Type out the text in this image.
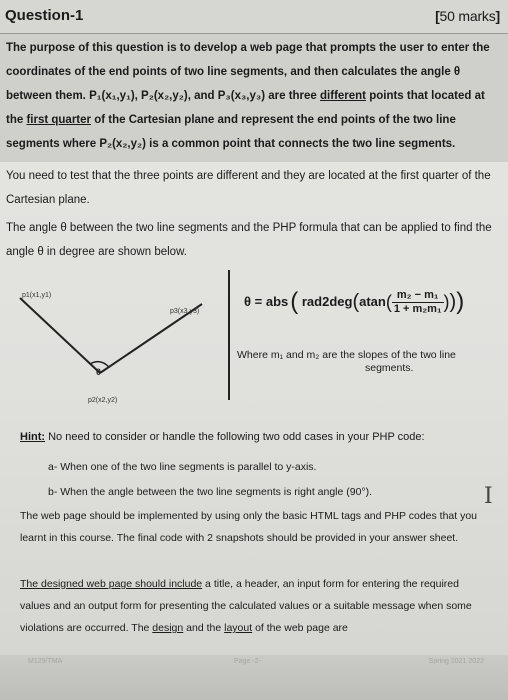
Question-1	[50 marks]

The purpose of this question is to develop a web page that prompts the user to enter the coordinates of the end points of two line segments, and then calculates the angle θ between them. P₁(x₁,y₁), P₂(x₂,y₂), and P₃(x₃,y₃) are three different points that located at the first quarter of the Cartesian plane and represent the end points of the two line segments where P₂(x₂,y₂) is a common point that connects the two line segments.

You need to test that the three points are different and they are located at the first quarter of the Cartesian plane.

The angle θ between the two line segments and the PHP formula that can be applied to find the angle θ in degree are shown below.

p1(x1,y1)
p3(x3,y3)
θ
p2(x2,y2)
θ = abs( $rad2deg(atan( \frac{\text{m₂ − m₁}}{\text{1 + m₂m₁}}$ )))
Where m₁ and m₂ are the slopes of the two line
segments.

Hint: No need to consider or handle the following two odd cases in your PHP code:

a- When one of the two line segments is parallel to y-axis.

b- When the angle between the two line segments is right angle (90°).	I

The web page should be implemented by using only the basic HTML tags and PHP codes that you learnt in this course. The final code with 2 snapshots should be provided in your answer sheet.

The designed web page should include a title, a header, an input form for entering the required values and an output form for presenting the calculated values or a suitable message when some violations are occurred. The design and the layout of the web page are

M129/TMA	Page -2-	Spring 2021 2022
